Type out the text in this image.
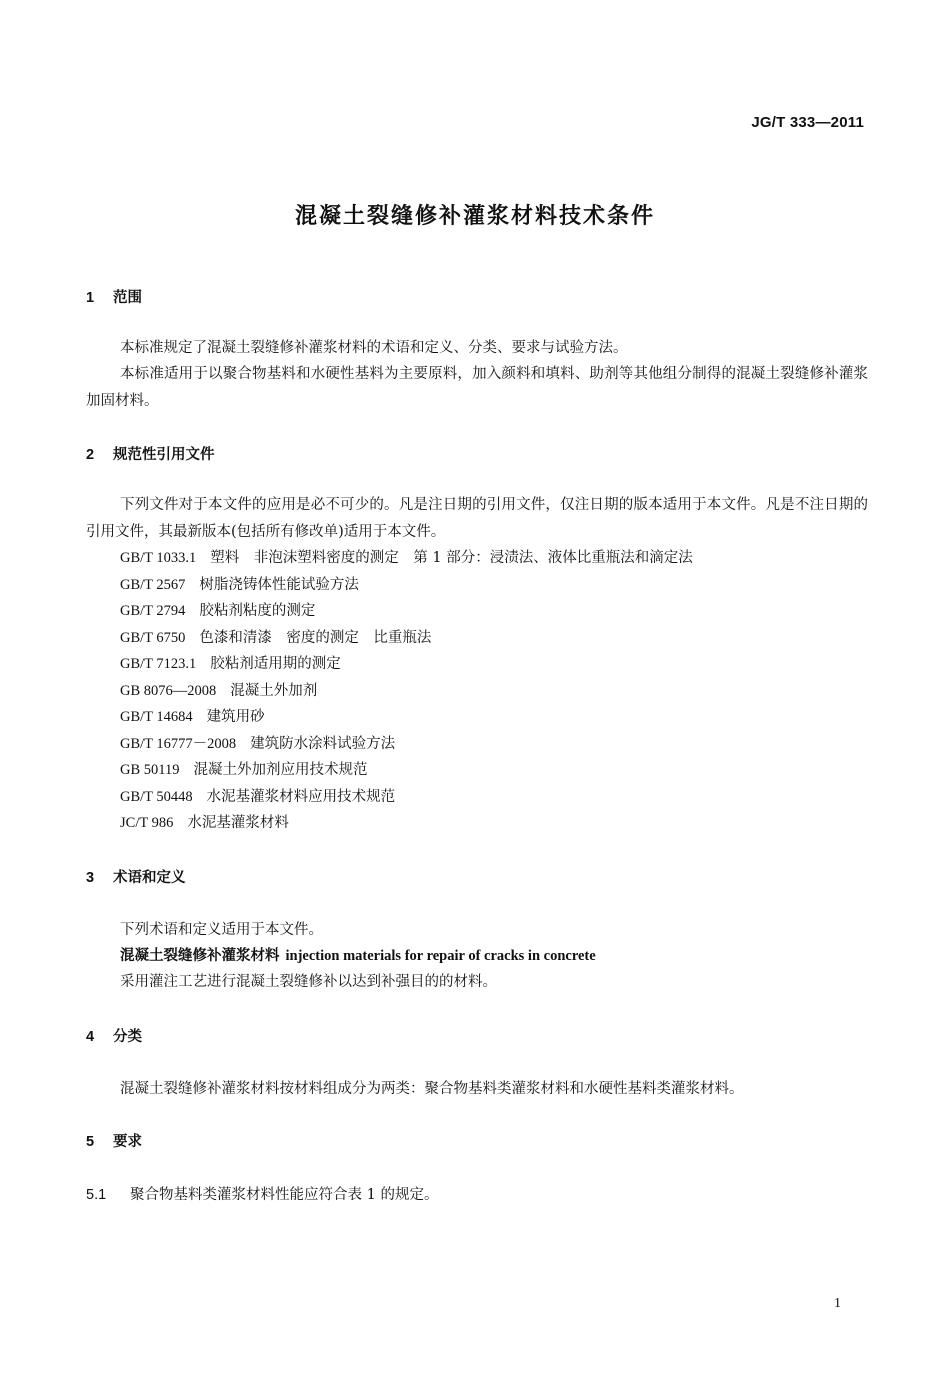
JG/T 333—2011
混凝土裂缝修补灌浆材料技术条件
1 范围
本标准规定了混凝土裂缝修补灌浆材料的术语和定义、分类、要求与试验方法。
本标准适用于以聚合物基料和水硬性基料为主要原料，加入颜料和填料、助剂等其他组分制得的混凝土裂缝修补灌浆加固材料。
2 规范性引用文件
下列文件对于本文件的应用是必不可少的。凡是注日期的引用文件，仅注日期的版本适用于本文件。凡是不注日期的引用文件，其最新版本(包括所有修改单)适用于本文件。
GB/T 1033.1 塑料　非泡沫塑料密度的测定　第 1 部分：浸渍法、液体比重瓶法和滴定法
GB/T 2567 树脂浇铸体性能试验方法
GB/T 2794 胶粘剂粘度的测定
GB/T 6750 色漆和清漆　密度的测定　比重瓶法
GB/T 7123.1 胶粘剂适用期的测定
GB 8076—2008 混凝土外加剂
GB/T 14684 建筑用砂
GB/T 16777－2008 建筑防水涂料试验方法
GB 50119 混凝土外加剂应用技术规范
GB/T 50448 水泥基灌浆材料应用技术规范
JC/T 986 水泥基灌浆材料
3 术语和定义
下列术语和定义适用于本文件。
混凝土裂缝修补灌浆材料 injection materials for repair of cracks in concrete
采用灌注工艺进行混凝土裂缝修补以达到补强目的的材料。
4 分类
混凝土裂缝修补灌浆材料按材料组成分为两类：聚合物基料类灌浆材料和水硬性基料类灌浆材料。
5 要求
5.1 聚合物基料类灌浆材料性能应符合表 1 的规定。
1
